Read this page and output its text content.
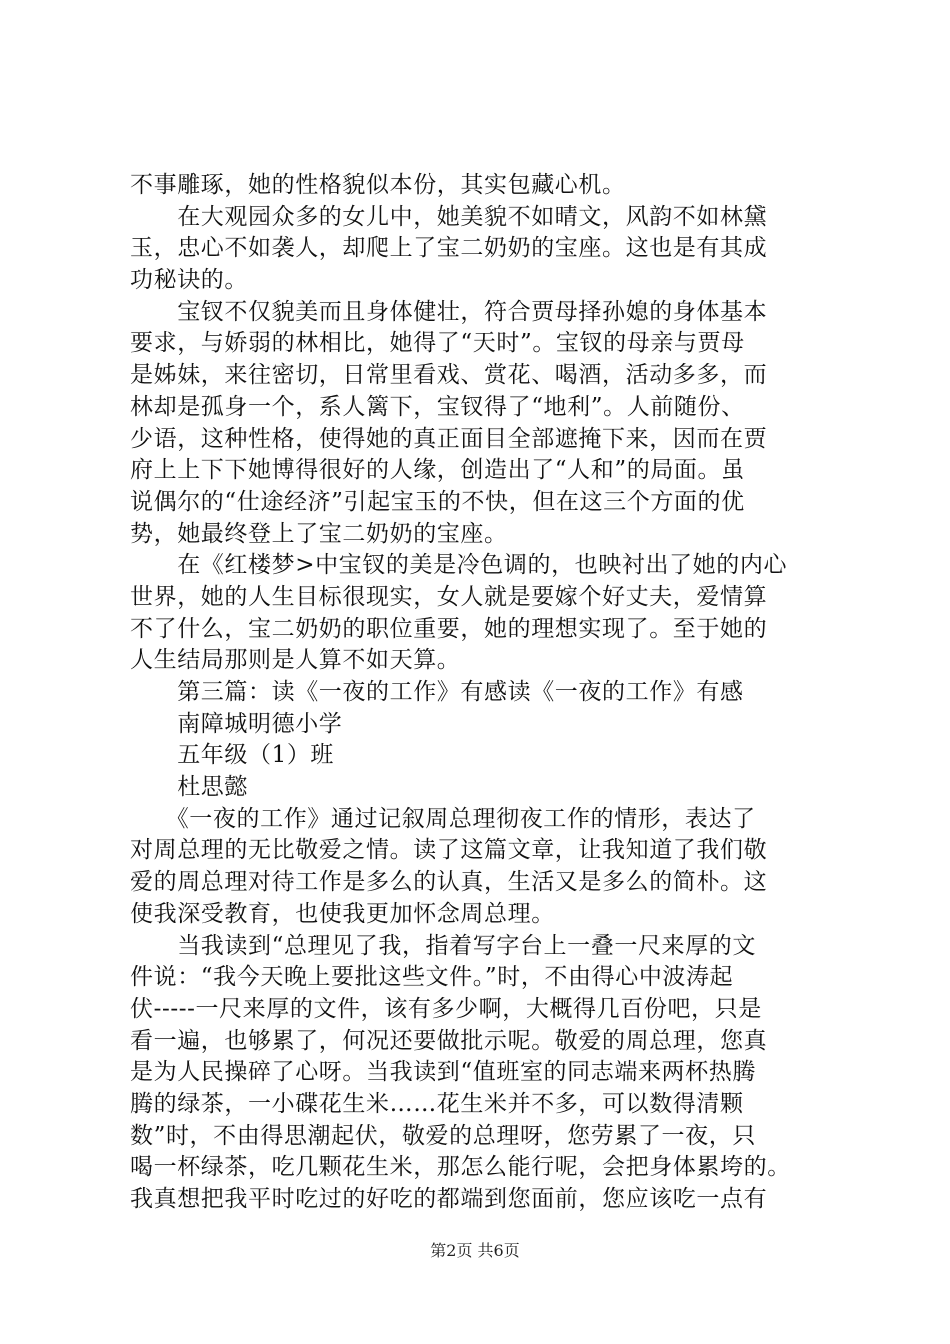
不事雕琢，她的性格貌似本份，其实包藏心机。
　　在大观园众多的女儿中，她美貌不如晴文，风韵不如林黛
玉，忠心不如袭人，却爬上了宝二奶奶的宝座。这也是有其成
功秘诀的。
　　宝钗不仅貌美而且身体健壮，符合贾母择孙媳的身体基本
要求，与娇弱的林相比，她得了“天时”。宝钗的母亲与贾母
是姊妹，来往密切，日常里看戏、赏花、喝酒，活动多多，而
林却是孤身一个，系人篱下，宝钗得了“地利”。人前随份、
少语，这种性格，使得她的真正面目全部遮掩下来，因而在贾
府上上下下她博得很好的人缘，创造出了“人和”的局面。虽
说偶尔的“仕途经济”引起宝玉的不快，但在这三个方面的优
势，她最终登上了宝二奶奶的宝座。
　　在《红楼梦>中宝钗的美是冷色调的，也映衬出了她的内心
世界，她的人生目标很现实，女人就是要嫁个好丈夫，爱情算
不了什么，宝二奶奶的职位重要，她的理想实现了。至于她的
人生结局那则是人算不如天算。
　　第三篇：读《一夜的工作》有感读《一夜的工作》有感
　　南障城明德小学
　　五年级（1）班
　　杜思懿
　　《一夜的工作》通过记叙周总理彻夜工作的情形，表达了
对周总理的无比敬爱之情。读了这篇文章，让我知道了我们敬
爱的周总理对待工作是多么的认真，生活又是多么的简朴。这
使我深受教育，也使我更加怀念周总理。
　　当我读到“总理见了我，指着写字台上一叠一尺来厚的文
件说：“我今天晚上要批这些文件。”时，不由得心中波涛起
伏-----一尺来厚的文件，该有多少啊，大概得几百份吧，只是
看一遍，也够累了，何况还要做批示呢。敬爱的周总理，您真
是为人民操碎了心呀。当我读到“值班室的同志端来两杯热腾
腾的绿茶，一小碟花生米……花生米并不多，可以数得清颗
数”时，不由得思潮起伏，敬爱的总理呀，您劳累了一夜，只
喝一杯绿茶，吃几颗花生米，那怎么能行呢，会把身体累垮的。
我真想把我平时吃过的好吃的都端到您面前，您应该吃一点有
第2页 共6页
